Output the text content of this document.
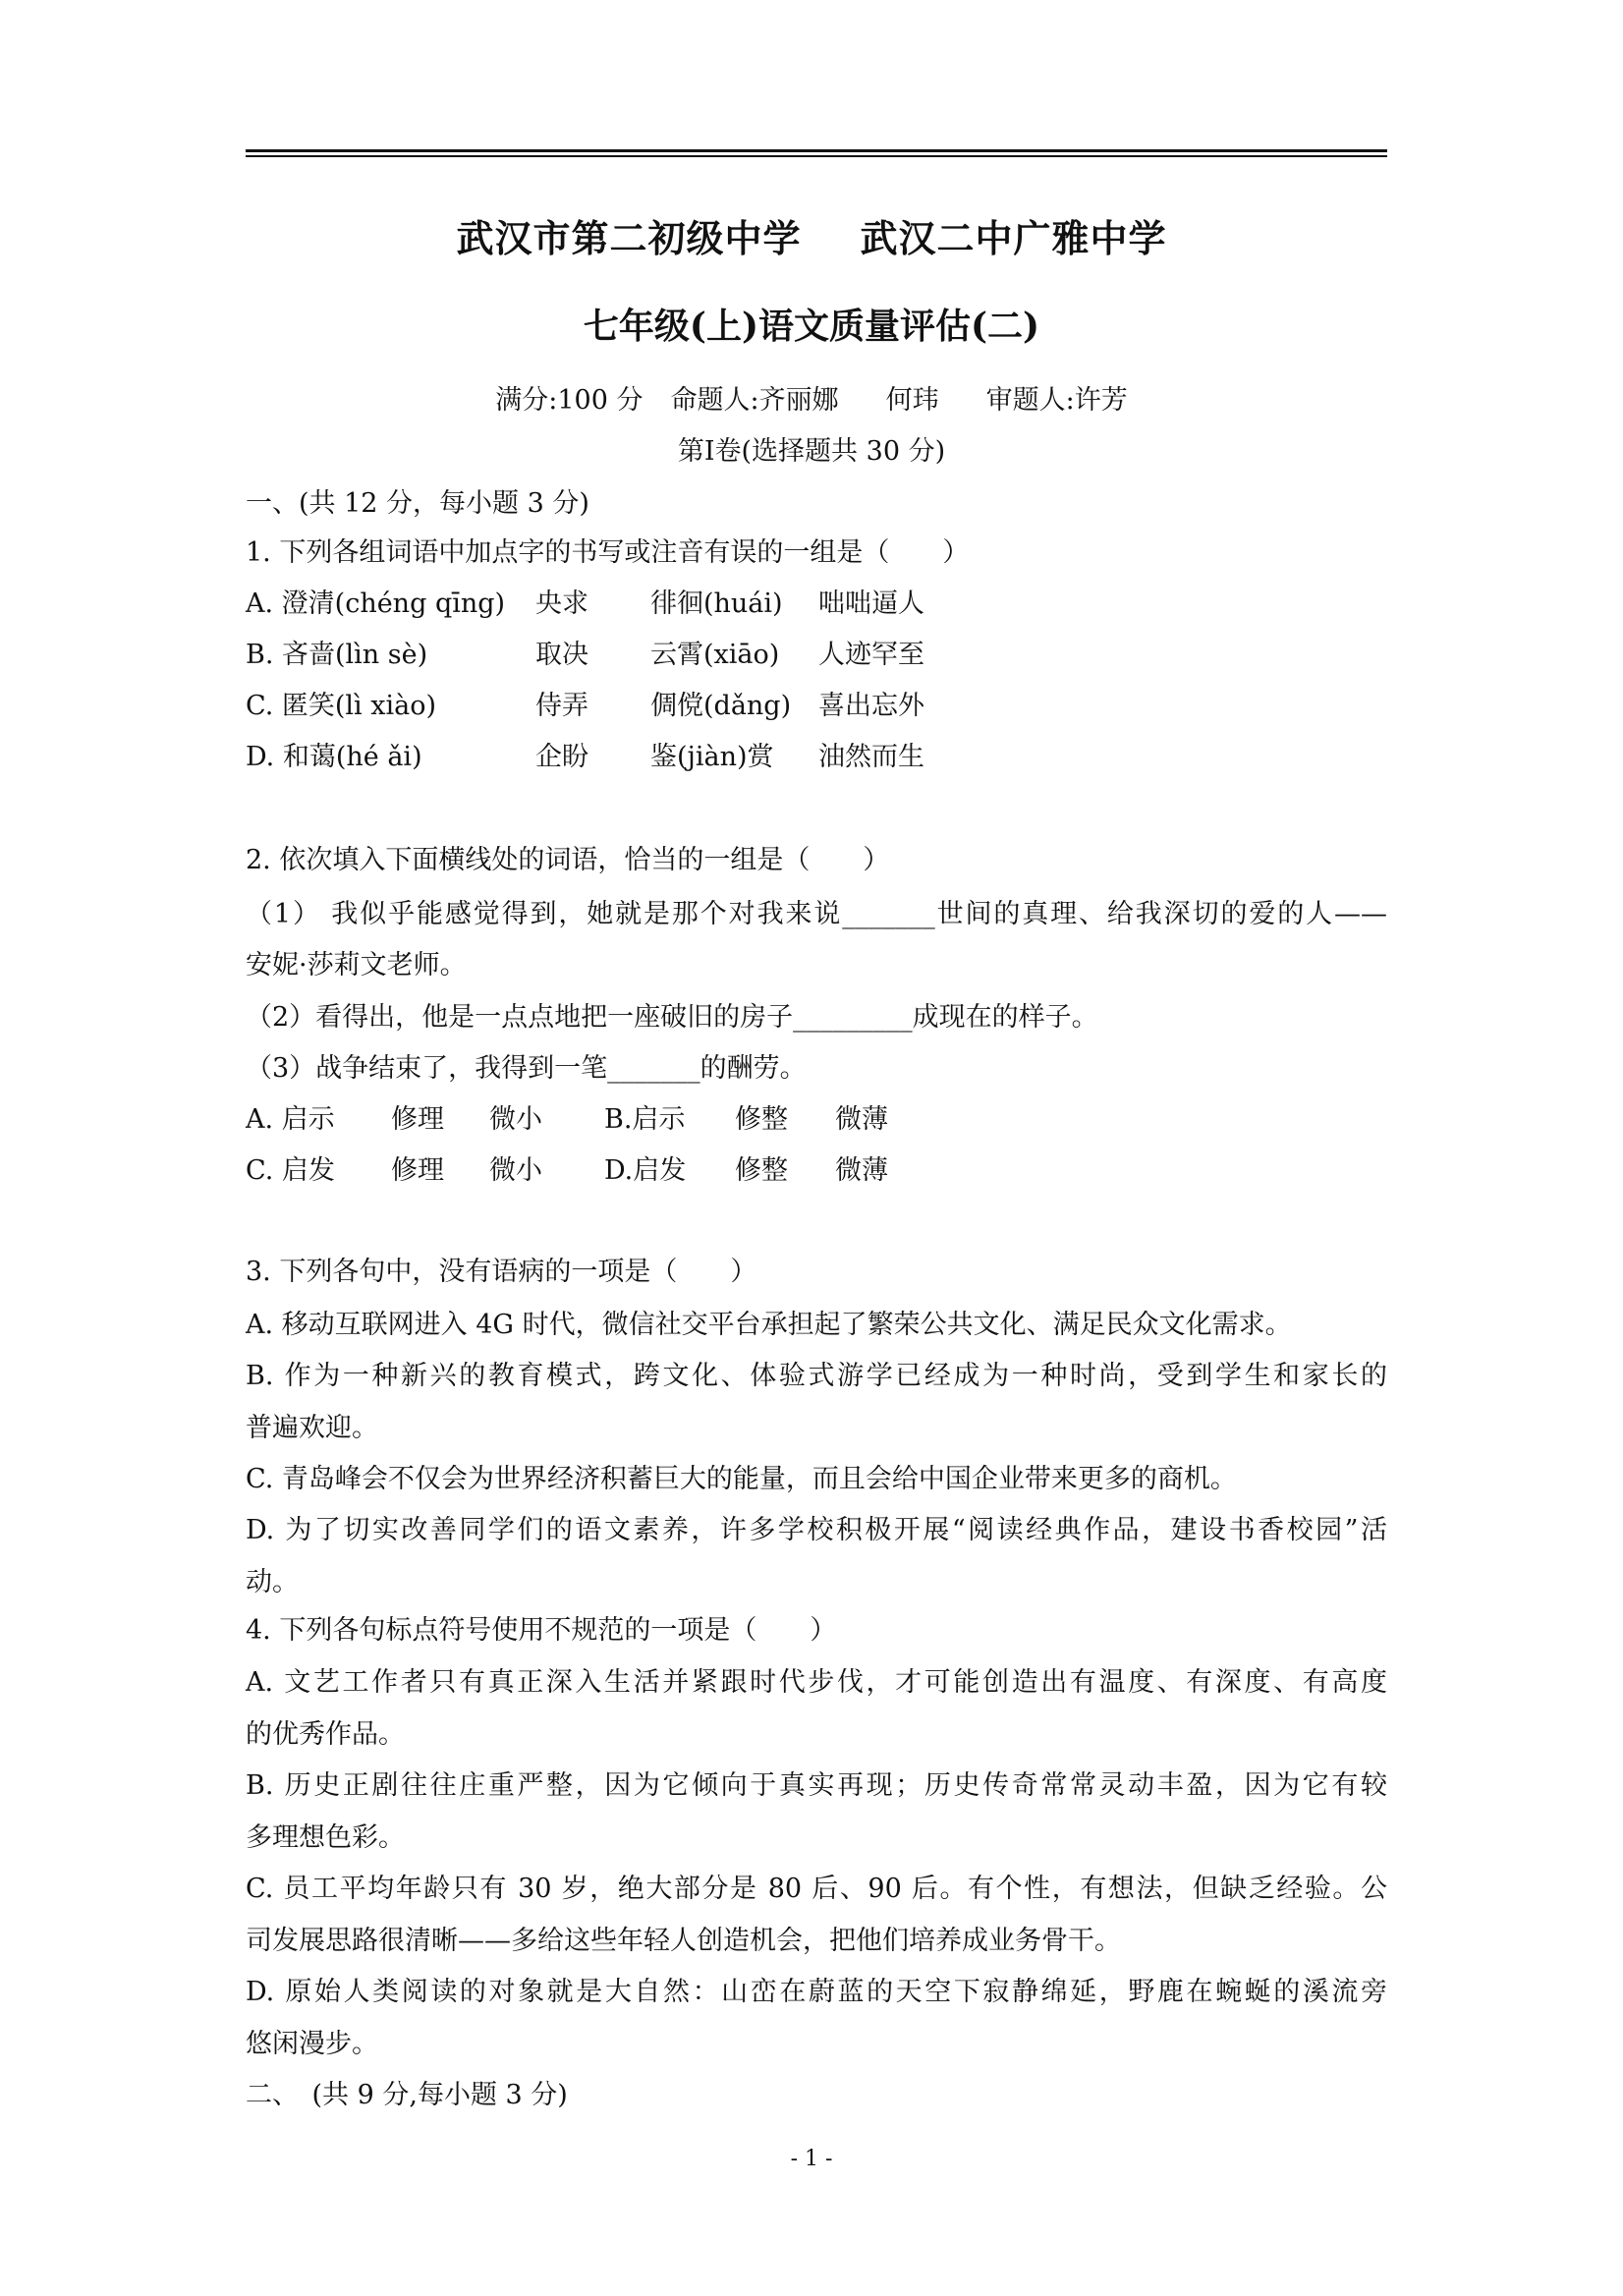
武汉市第二初级中学 武汉二中广雅中学
七年级(上)语文质量评估(二)
满分:100 分 命题人:齐丽娜 何玮 审题人:许芳
第Ⅰ卷(选择题共 30 分)
一、(共 12 分，每小题 3 分)
1. 下列各组词语中加点字的书写或注音有误的一组是（　　）
A. 澄清(chéng qīng) 央求 徘徊(huái) 咄咄逼人
B. 吝啬(lìn sè)	取决 云霄(xiāo) 人迹罕至
C. 匿笑(lì xiào)	侍弄 倜傥(dǎng) 喜出忘外
D. 和蔼(hé ǎi)	企盼 鉴(jiàn)赏 油然而生
2. 依次填入下面横线处的词语，恰当的一组是（　　）
（1） 我似乎能感觉得到，她就是那个对我来说_______世间的真理、给我深切的爱的人——
安妮·莎莉文老师。
（2）看得出，他是一点点地把一座破旧的房子_________成现在的样子。
（3）战争结束了，我得到一笔_______的酬劳。
A. 启示 修理 微小 B.启示 修整 微薄
C. 启发 修理 微小 D.启发 修整 微薄
3. 下列各句中，没有语病的一项是（　　）
A. 移动互联网进入 4G 时代，微信社交平台承担起了繁荣公共文化、满足民众文化需求。
B. 作为一种新兴的教育模式，跨文化、体验式游学已经成为一种时尚，受到学生和家长的
普遍欢迎。
C. 青岛峰会不仅会为世界经济积蓄巨大的能量，而且会给中国企业带来更多的商机。
D. 为了切实改善同学们的语文素养，许多学校积极开展“阅读经典作品，建设书香校园”活
动。
4. 下列各句标点符号使用不规范的一项是（　　）
A. 文艺工作者只有真正深入生活并紧跟时代步伐，才可能创造出有温度、有深度、有高度
的优秀作品。
B. 历史正剧往往庄重严整，因为它倾向于真实再现；历史传奇常常灵动丰盈，因为它有较
多理想色彩。
C. 员工平均年龄只有 30 岁，绝大部分是 80 后、90 后。有个性，有想法，但缺乏经验。公
司发展思路很清晰——多给这些年轻人创造机会，把他们培养成业务骨干。
D. 原始人类阅读的对象就是大自然：山峦在蔚蓝的天空下寂静绵延，野鹿在蜿蜒的溪流旁
悠闲漫步。
二、　(共 9 分,每小题 3 分)
- 1 -
